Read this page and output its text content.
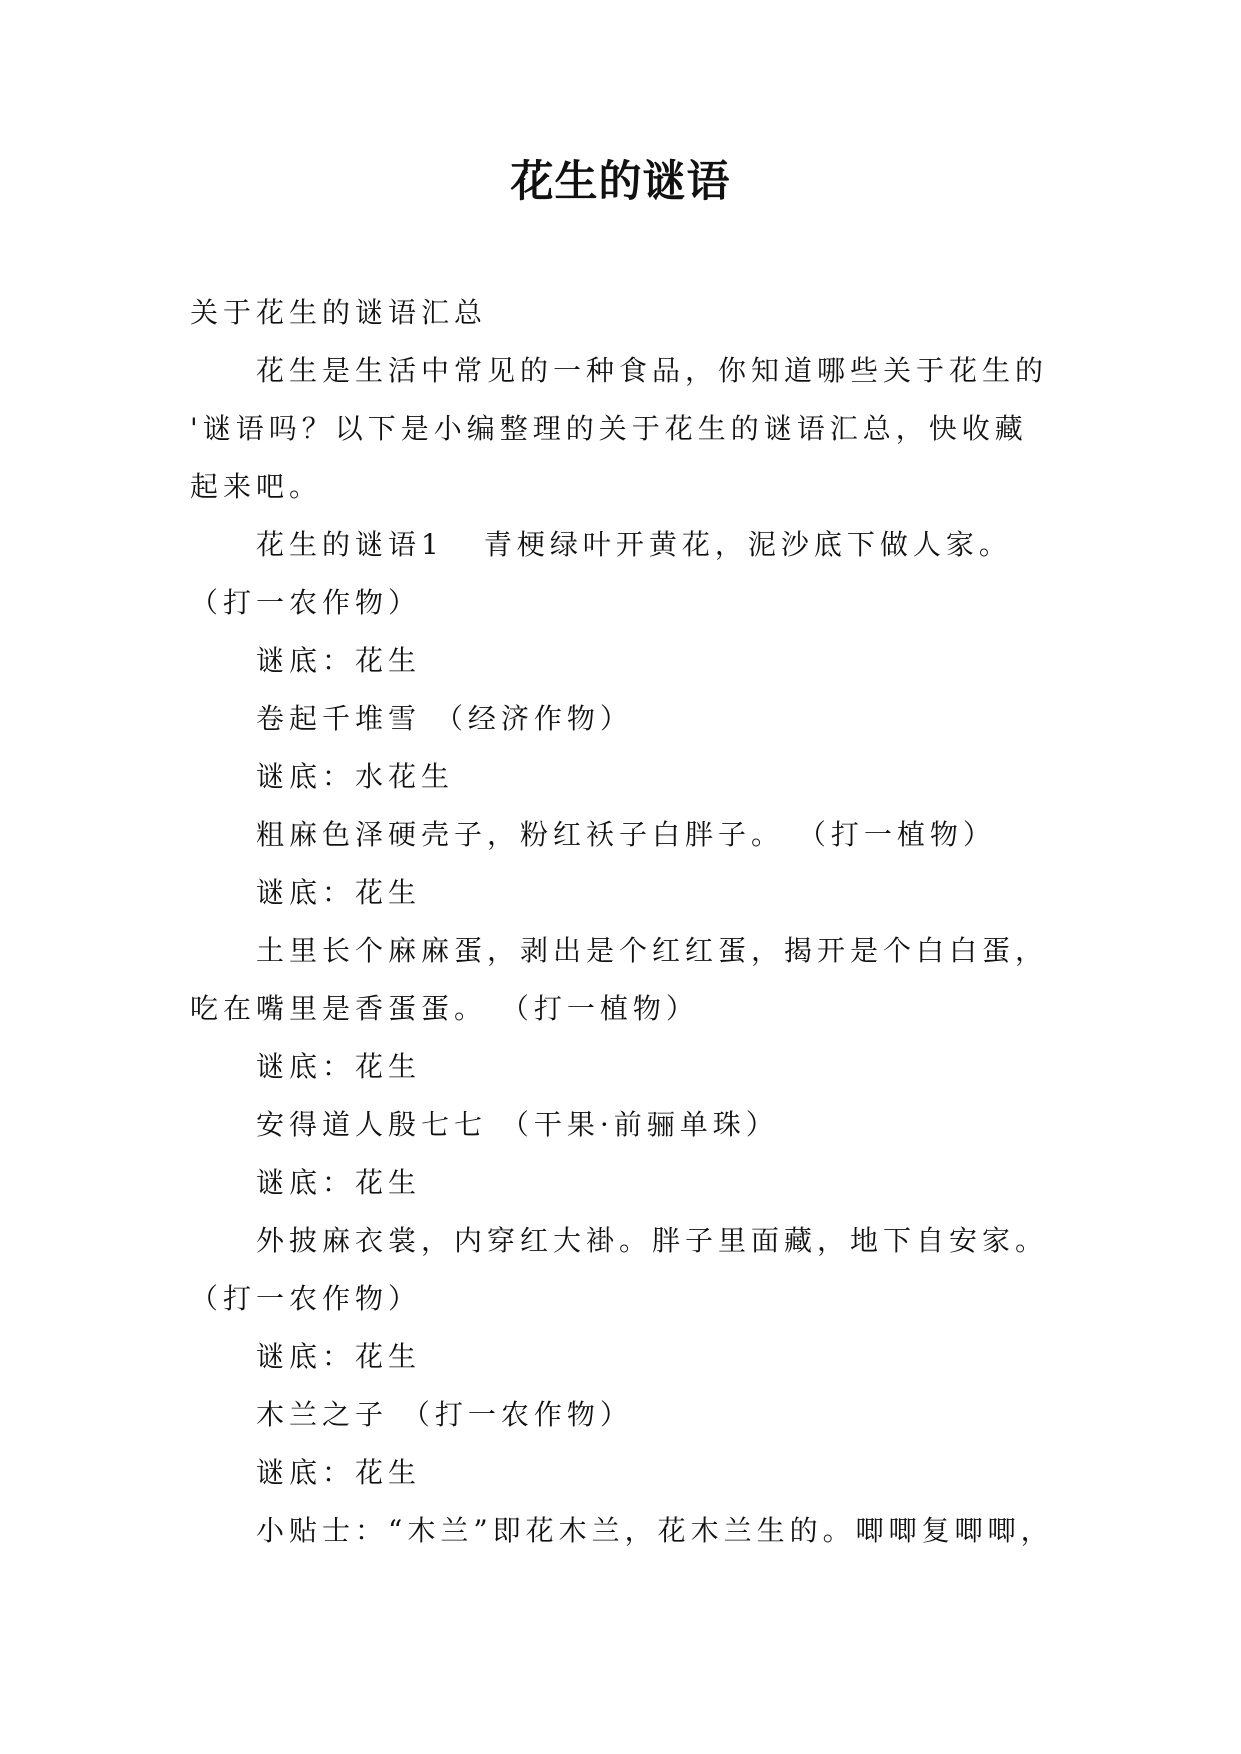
花生的谜语
关于花生的谜语汇总
花生是生活中常见的一种食品，你知道哪些关于花生的
'谜语吗？以下是小编整理的关于花生的谜语汇总，快收藏
起来吧。
花生的谜语1 青梗绿叶开黄花，泥沙底下做人家。
（打一农作物）
谜底：花生
卷起千堆雪 （经济作物）
谜底：水花生
粗麻色泽硬壳子，粉红袄子白胖子。 （打一植物）
谜底：花生
土里长个麻麻蛋，剥出是个红红蛋，揭开是个白白蛋，
吃在嘴里是香蛋蛋。 （打一植物）
谜底：花生
安得道人殷七七 （干果·前骊单珠）
谜底：花生
外披麻衣裳，内穿红大褂。胖子里面藏，地下自安家。
（打一农作物）
谜底：花生
木兰之子 （打一农作物）
谜底：花生
小贴士：“木兰”即花木兰，花木兰生的。唧唧复唧唧，
